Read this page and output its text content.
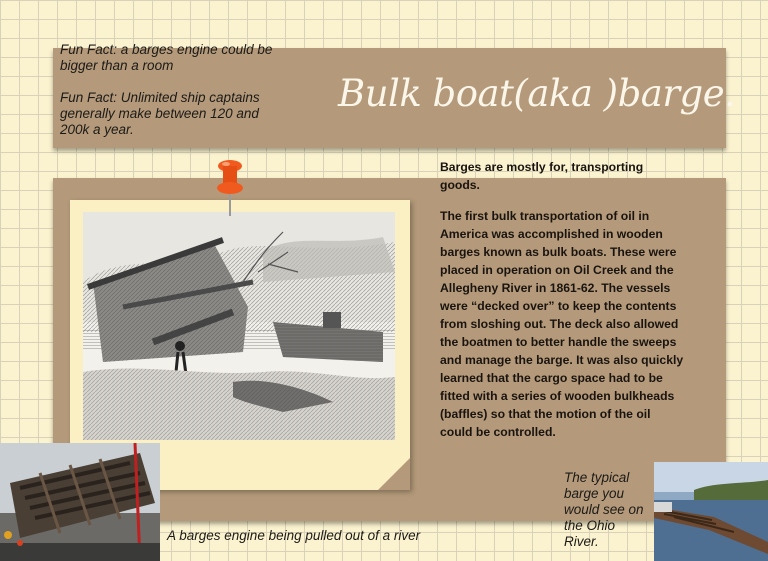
Fun Fact: a barges engine could be bigger than a room
Fun Fact: Unlimited ship captains generally make between 120 and 200k a year.
Bulk boat(aka )barge.
Barges are mostly for, transporting goods.
The first bulk transportation of oil in America was accomplished in wooden barges known as bulk boats. These were placed in operation on Oil Creek and the Allegheny River in 1861-62. The vessels were “decked over” to keep the contents from sloshing out. The deck also allowed the boatmen to better handle the sweeps and manage the barge. It was also quickly learned that the cargo space had to be fitted with a series of wooden bulkheads (baffles) so that the motion of the oil could be controlled.
A barges engine being pulled out of a river
The typical barge you would see on the Ohio River.
